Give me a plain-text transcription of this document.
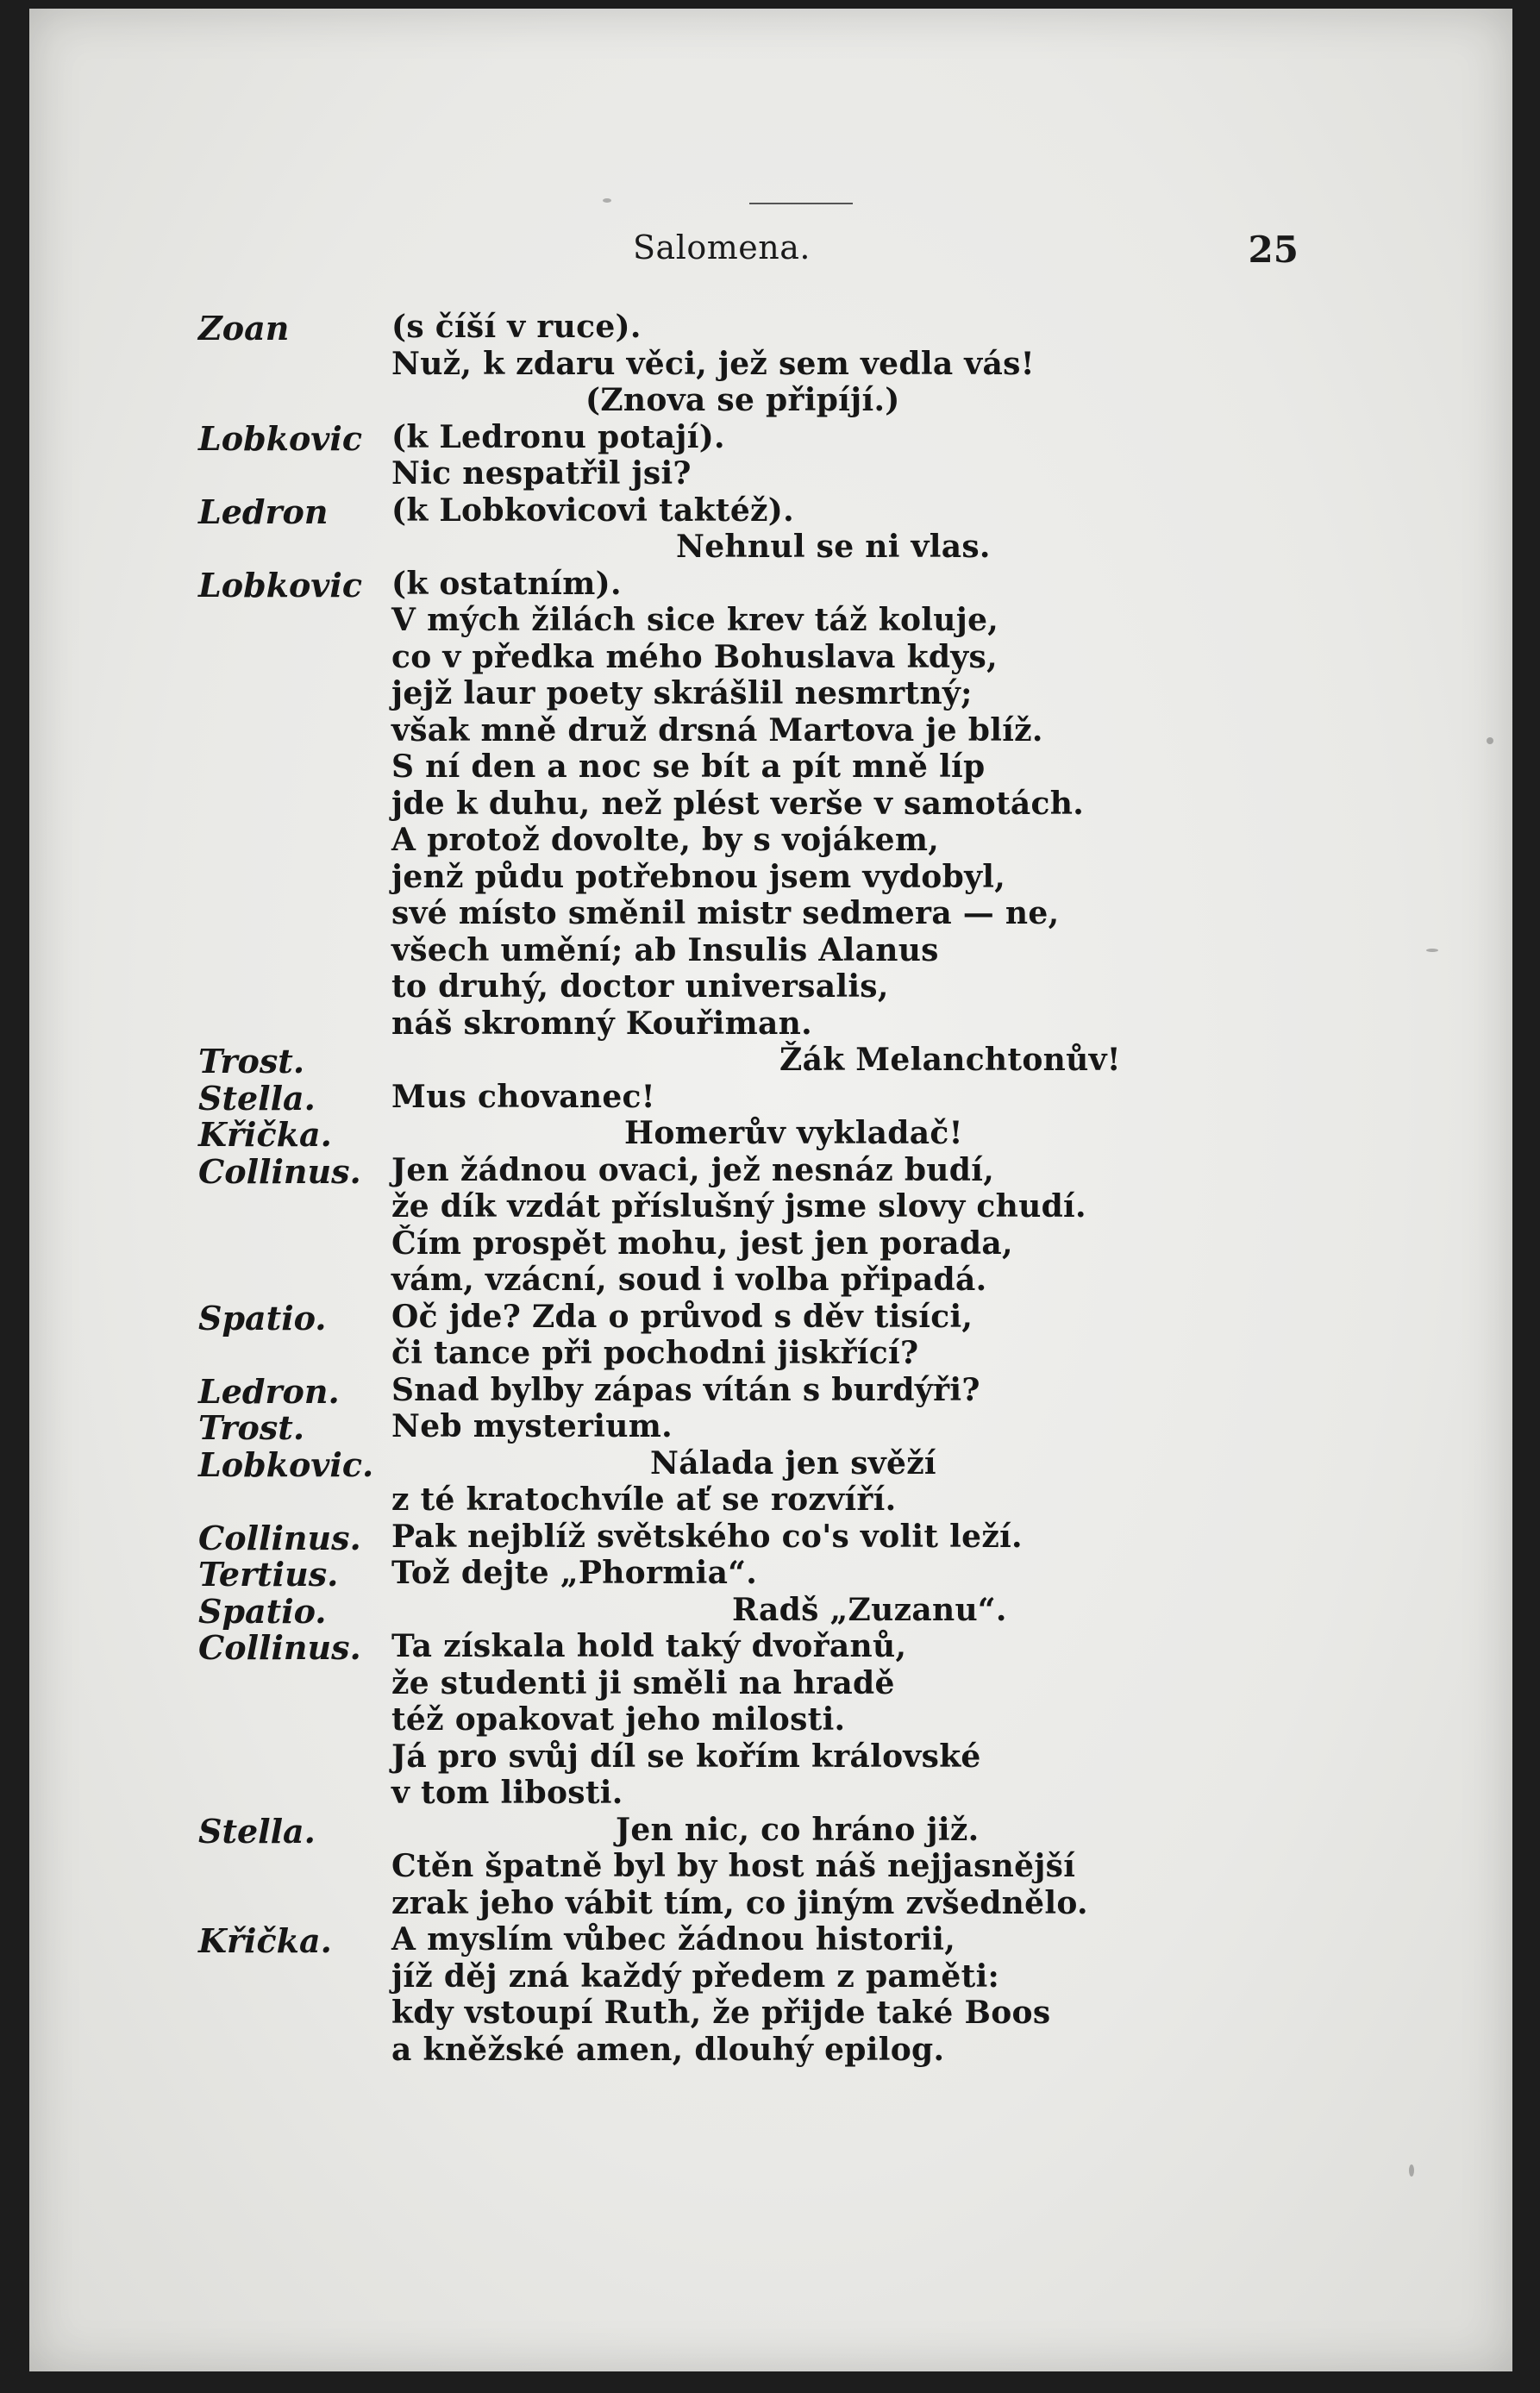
Salomena.	25
Zoan	(s číší v ruce).
Nuž, k zdaru věci, jež sem vedla vás!
(Znova se připíjí.)
Lobkovic (k Ledronu potají).
Nic nespatřil jsi?
Ledron (k Lobkovicovi taktéž).
Nehnul se ni vlas.
Lobkovic (k ostatním).
V mých žilách sice krev táž koluje,
co v předka mého Bohuslava kdys,
jejž laur poety skrášlil nesmrtný;
však mně druž drsná Martova je blíž.
S ní den a noc se bít a pít mně líp
jde k duhu, než plést verše v samotách.
A protož dovolte, by s vojákem,
jenž půdu potřebnou jsem vydobyl,
své místo směnil mistr sedmera — ne,
všech umění; ab Insulis Alanus
to druhý, doctor universalis,
náš skromný Kouřiman.
Trost.	Žák Melanchtonův!
Stella. Mus chovanec!
Křička.	Homerův vykladač!
Collinus. Jen žádnou ovaci, jež nesnáz budí,
že dík vzdát příslušný jsme slovy chudí.
Čím prospět mohu, jest jen porada,
vám, vzácní, soud i volba připadá.
Spatio. Oč jde? Zda o průvod s děv tisíci,
či tance při pochodni jiskřící?
Ledron. Snad bylby zápas vítán s burdýři?
Trost.	Neb mysterium.
Lobkovic.	Nálada jen svěží
z té kratochvíle ať se rozvíří.
Collinus. Pak nejblíž světského co's volit leží.
Tertius. Tož dejte „Phormia“.
Spatio.	Radš „Zuzanu“.
Collinus. Ta získala hold taký dvořanů,
že studenti ji směli na hradě
též opakovat jeho milosti.
Já pro svůj díl se kořím královské
v tom libosti.
Stella.	Jen nic, co hráno již.
Ctěn špatně byl by host náš nejjasnější
zrak jeho vábit tím, co jiným zvšednělo.
Křička. A myslím vůbec žádnou historii,
jíž děj zná každý předem z paměti:
kdy vstoupí Ruth, že přijde také Boos
a kněžské amen, dlouhý epilog.
